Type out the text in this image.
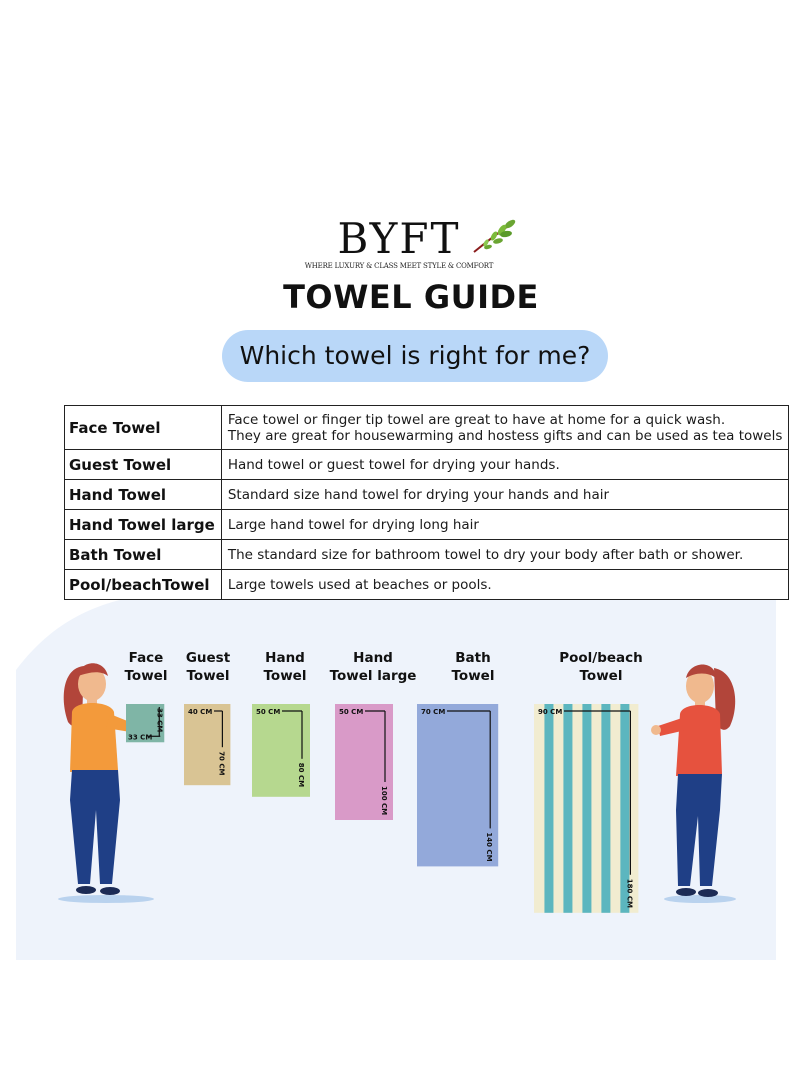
BYFT
WHERE LUXURY & CLASS MEET STYLE & COMFORT
TOWEL GUIDE
Which towel is right for me?
Face Towel	Face towel or finger tip towel are great to have at home for a quick wash.
They are great for housewarming and hostess gifts and can be used as tea towels

Guest Towel	Hand towel or guest towel for drying your hands.

Hand Towel	Standard size hand towel for drying your hands and hair

Hand Towel large	Large hand towel for drying long hair

Bath Towel	The standard size for bathroom towel to dry your body after bath or shower.

Pool/beachTowel	Large towels used at beaches or pools.
Face
Towel
Guest
Towel
Hand
Towel
Hand
Towel large
Bath
Towel
Pool/beach
Towel
33 CM
33 CM	40 CM
70 CM
50 CM
80 CM
50 CM
100 CM
70 CM
140 CM
90 CM
180 CM
